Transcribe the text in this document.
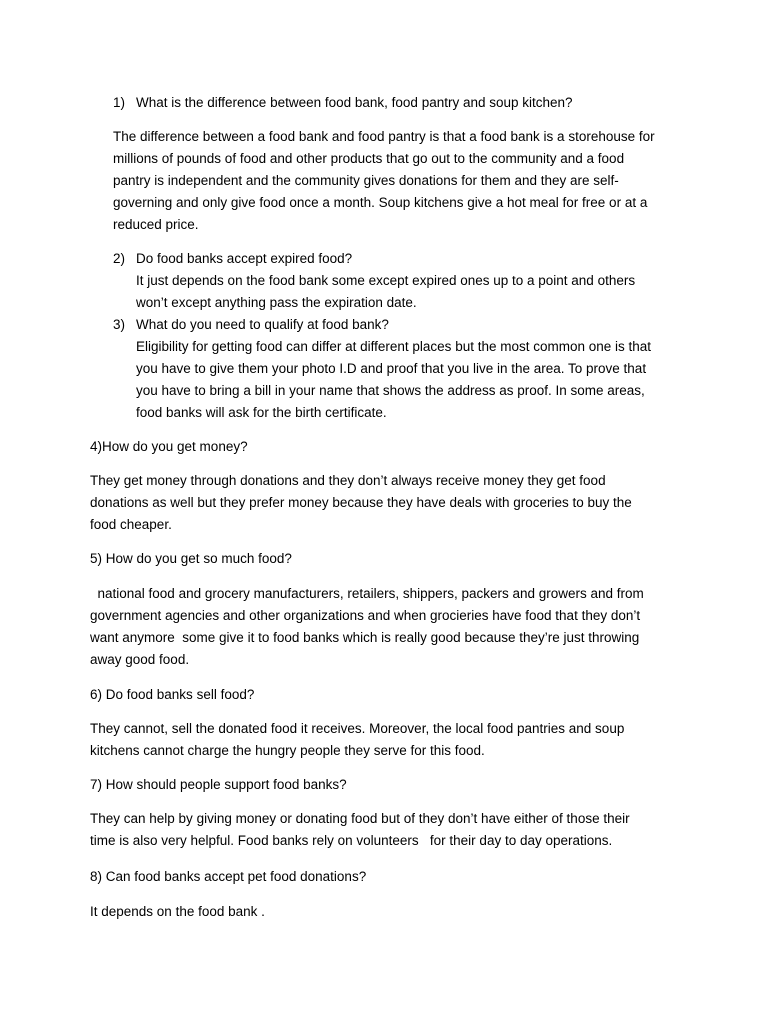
1) What is the difference between food bank, food pantry and soup kitchen?
The difference between a food bank and food pantry is that a food bank is a storehouse for
millions of pounds of food and other products that go out to the community and a food
pantry is independent and the community gives donations for them and they are self-
governing and only give food once a month. Soup kitchens give a hot meal for free or at a
reduced price.
2) Do food banks accept expired food?
It just depends on the food bank some except expired ones up to a point and others
won’t except anything pass the expiration date.
3) What do you need to qualify at food bank?
Eligibility for getting food can differ at different places but the most common one is that
you have to give them your photo I.D and proof that you live in the area. To prove that
you have to bring a bill in your name that shows the address as proof. In some areas,
food banks will ask for the birth certificate.
4)How do you get money?
They get money through donations and they don’t always receive money they get food
donations as well but they prefer money because they have deals with groceries to buy the
food cheaper.
5) How do you get so much food?
national food and grocery manufacturers, retailers, shippers, packers and growers and from
government agencies and other organizations and when grocieries have food that they don’t
want anymore  some give it to food banks which is really good because they’re just throwing
away good food.
6) Do food banks sell food?
They cannot, sell the donated food it receives. Moreover, the local food pantries and soup
kitchens cannot charge the hungry people they serve for this food.
7) How should people support food banks?
They can help by giving money or donating food but of they don’t have either of those their
time is also very helpful. Food banks rely on volunteers   for their day to day operations.
8) Can food banks accept pet food donations?
It depends on the food bank .
